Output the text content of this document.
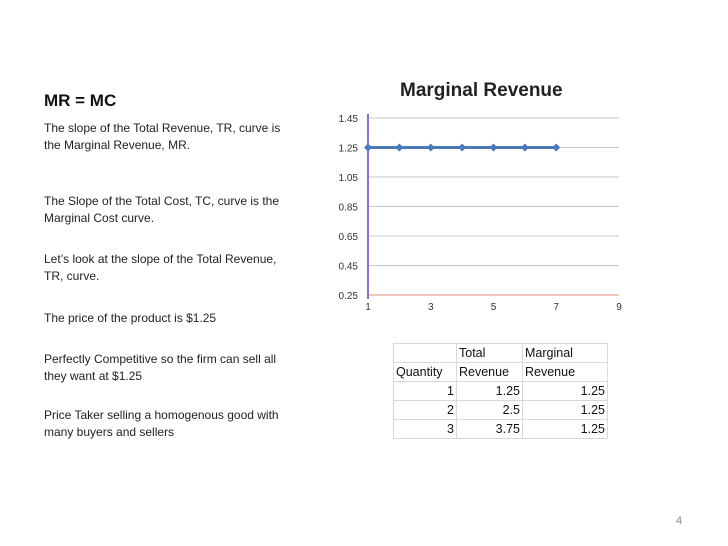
MR = MC
The slope of the Total Revenue, TR, curve is the Marginal Revenue, MR.
The Slope of the Total Cost, TC, curve is the Marginal Cost curve.
Let’s look at the slope of the Total Revenue, TR, curve.
The price of the product is $1.25
Perfectly Competitive so the firm can sell all they want at $1.25
Price Taker selling a homogenous good with many buyers and sellers
Marginal Revenue
1.45
1.25
1.05
0.85
0.65
0.45
0.25
1	3	5	7	9
	Total	Marginal
Quantity	Revenue	Revenue
1	1.25	1.25
2	2.5	1.25
3	3.75	1.25
4
